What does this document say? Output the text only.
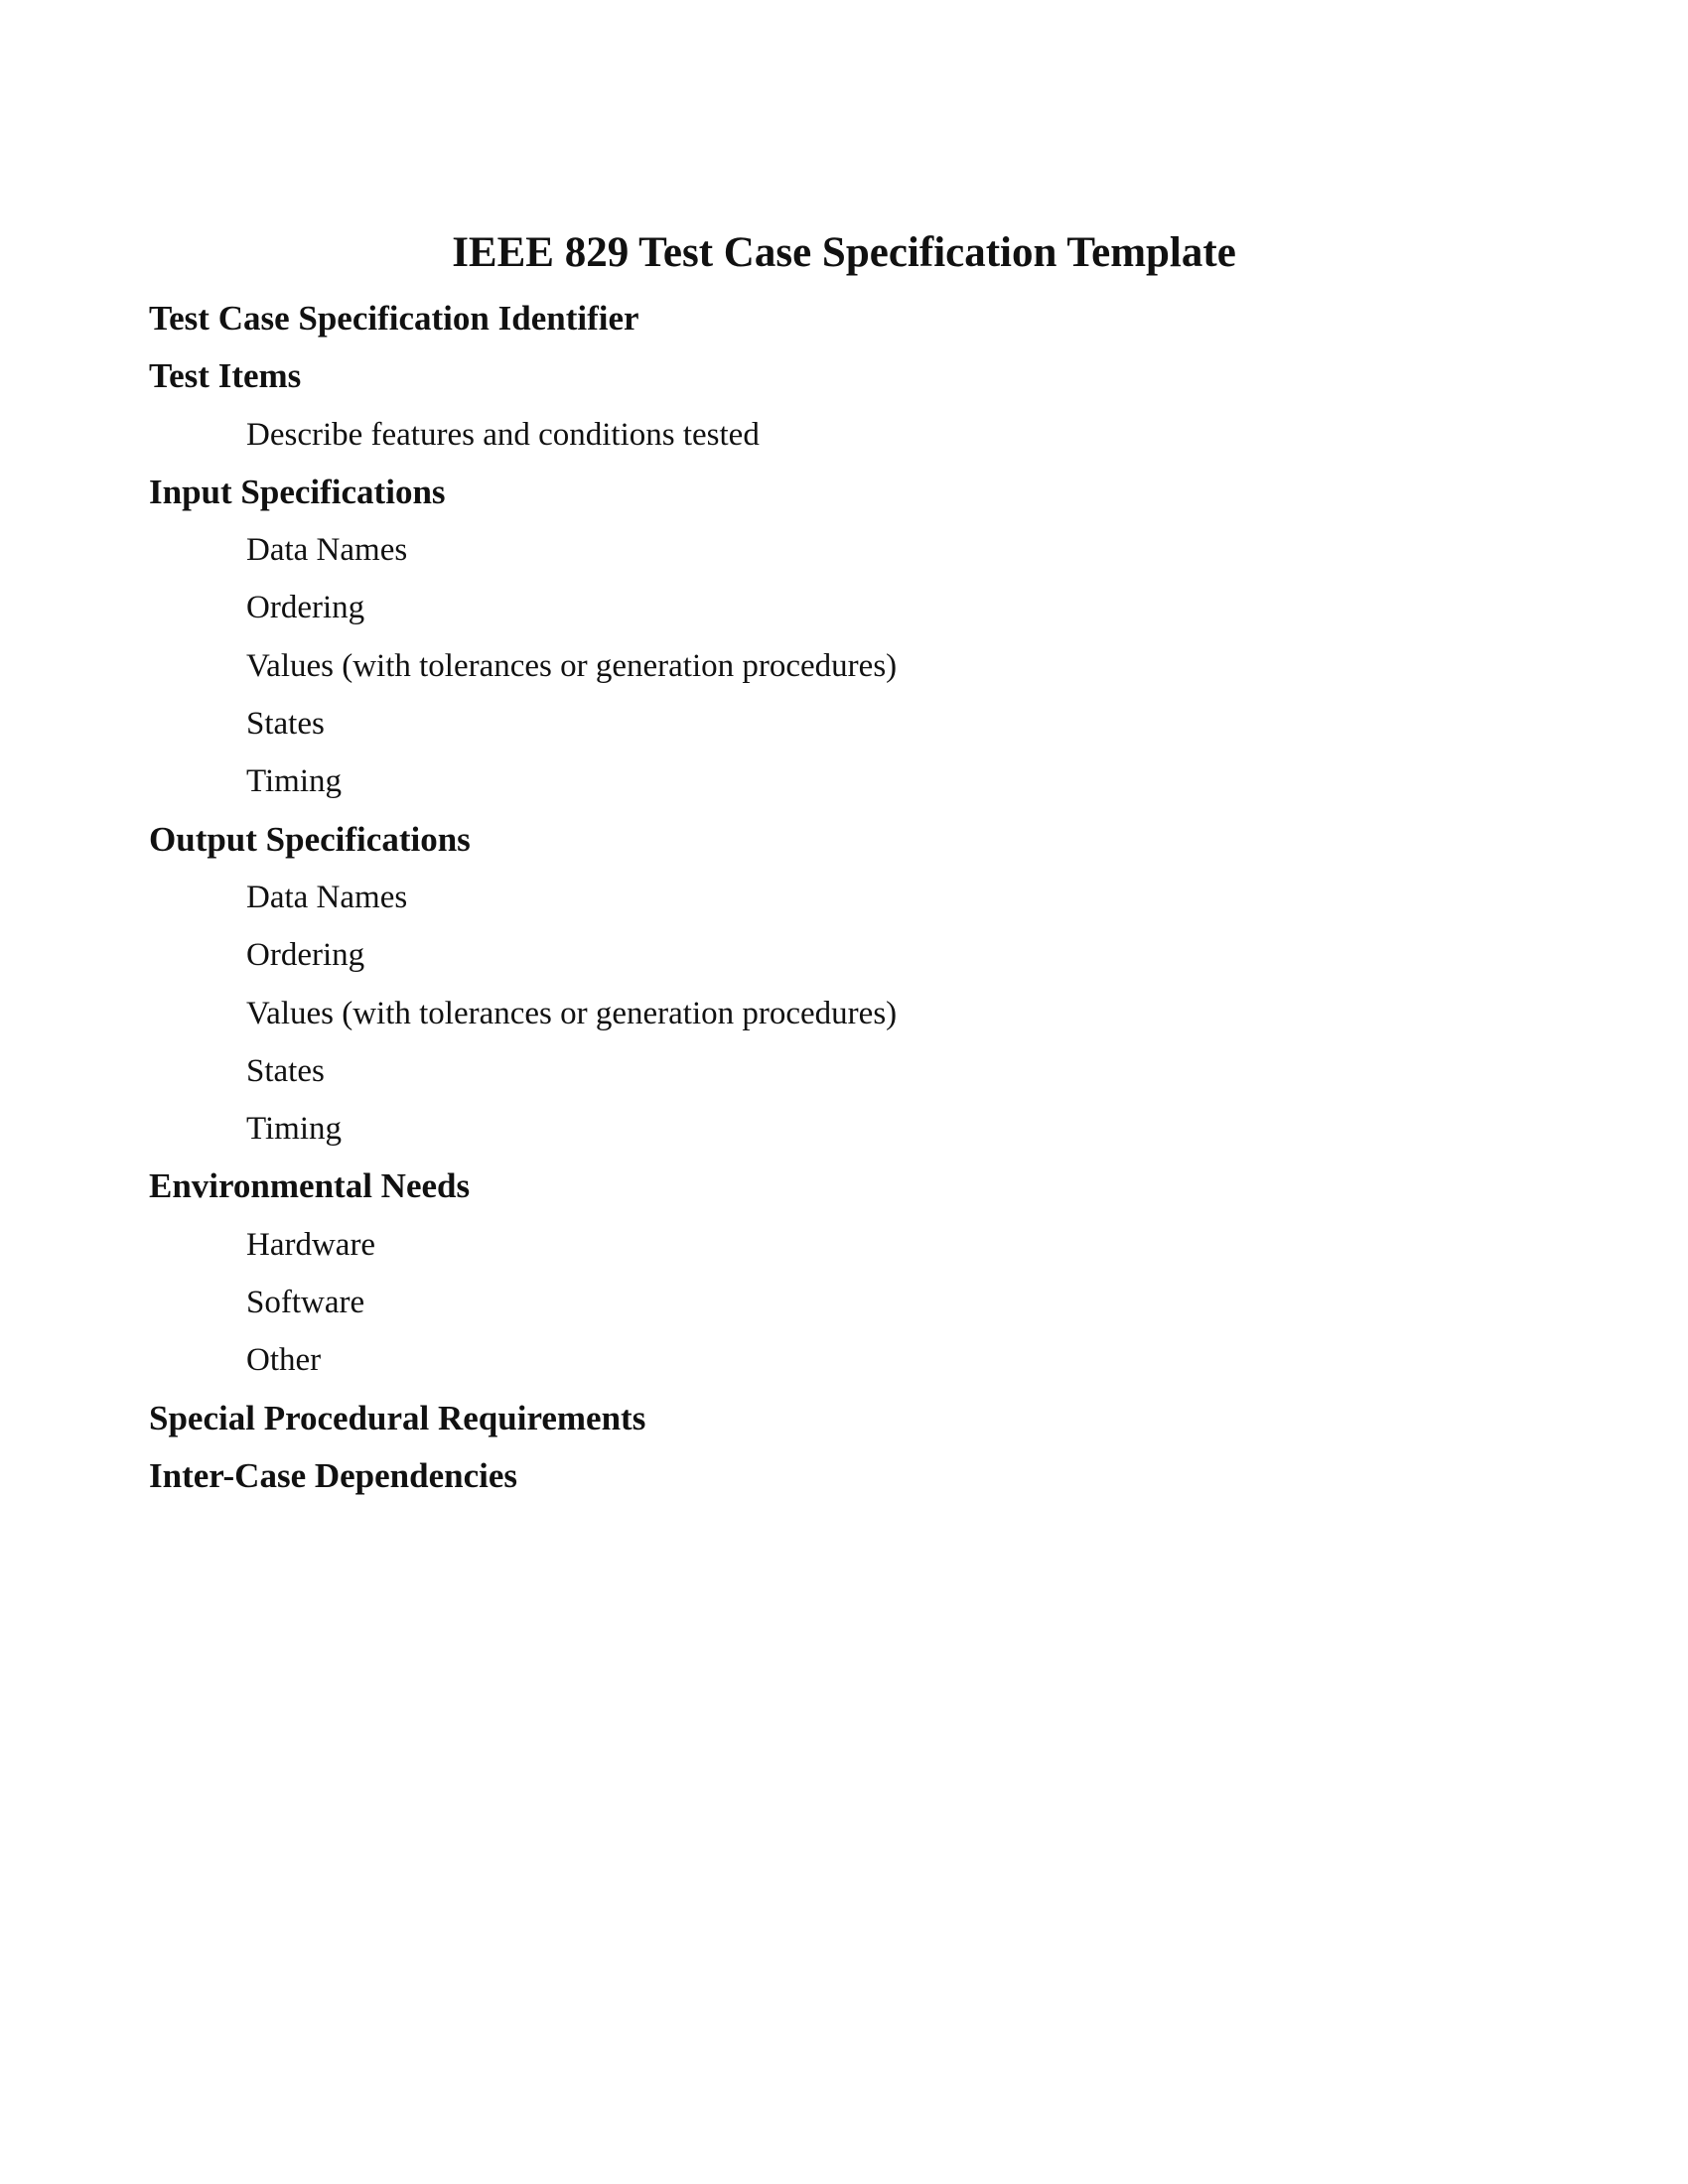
IEEE 829 Test Case Specification Template
Test Case Specification Identifier
Test Items
Describe features and conditions tested
Input Specifications
Data Names
Ordering
Values (with tolerances or generation procedures)
States
Timing
Output Specifications
Data Names
Ordering
Values (with tolerances or generation procedures)
States
Timing
Environmental Needs
Hardware
Software
Other
Special Procedural Requirements
Inter-Case Dependencies
